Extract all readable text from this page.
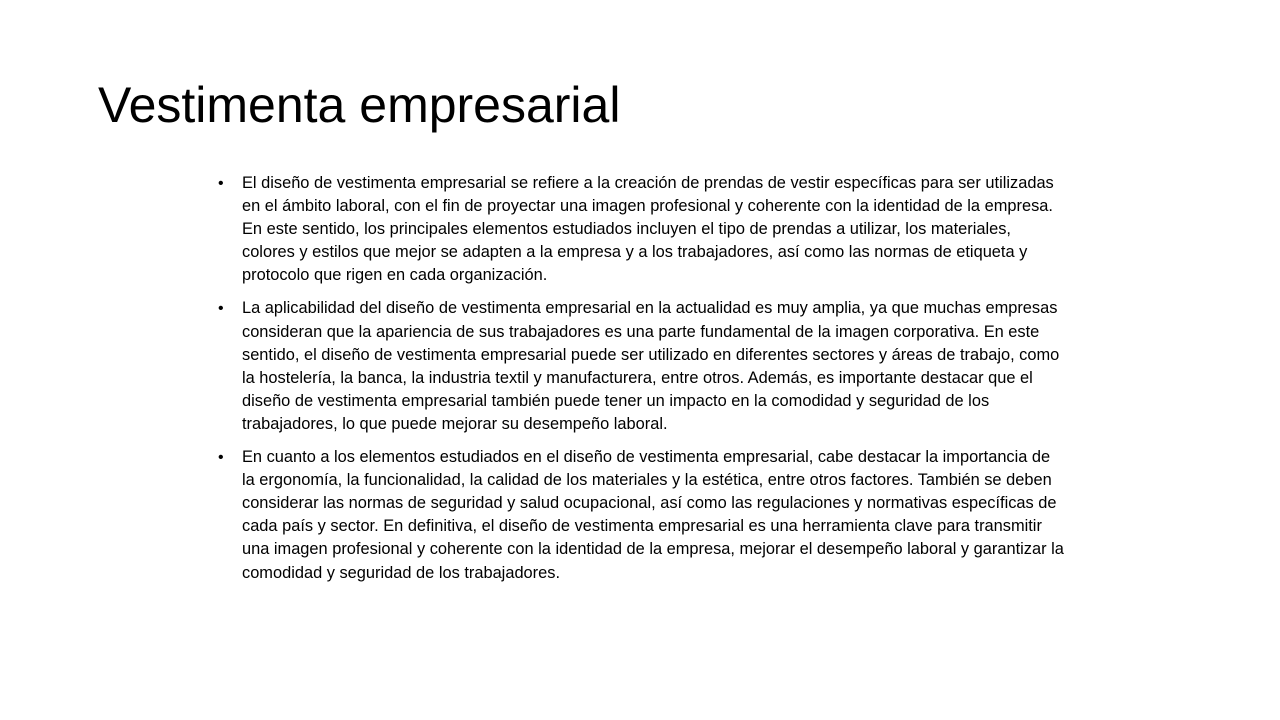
Vestimenta empresarial
• El diseño de vestimenta empresarial se refiere a la creación de prendas de vestir específicas para ser utilizadas en el ámbito laboral, con el fin de proyectar una imagen profesional y coherente con la identidad de la empresa. En este sentido, los principales elementos estudiados incluyen el tipo de prendas a utilizar, los materiales, colores y estilos que mejor se adapten a la empresa y a los trabajadores, así como las normas de etiqueta y protocolo que rigen en cada organización.
• La aplicabilidad del diseño de vestimenta empresarial en la actualidad es muy amplia, ya que muchas empresas consideran que la apariencia de sus trabajadores es una parte fundamental de la imagen corporativa. En este sentido, el diseño de vestimenta empresarial puede ser utilizado en diferentes sectores y áreas de trabajo, como la hostelería, la banca, la industria textil y manufacturera, entre otros. Además, es importante destacar que el diseño de vestimenta empresarial también puede tener un impacto en la comodidad y seguridad de los trabajadores, lo que puede mejorar su desempeño laboral.
• En cuanto a los elementos estudiados en el diseño de vestimenta empresarial, cabe destacar la importancia de la ergonomía, la funcionalidad, la calidad de los materiales y la estética, entre otros factores. También se deben considerar las normas de seguridad y salud ocupacional, así como las regulaciones y normativas específicas de cada país y sector. En definitiva, el diseño de vestimenta empresarial es una herramienta clave para transmitir una imagen profesional y coherente con la identidad de la empresa, mejorar el desempeño laboral y garantizar la comodidad y seguridad de los trabajadores.
